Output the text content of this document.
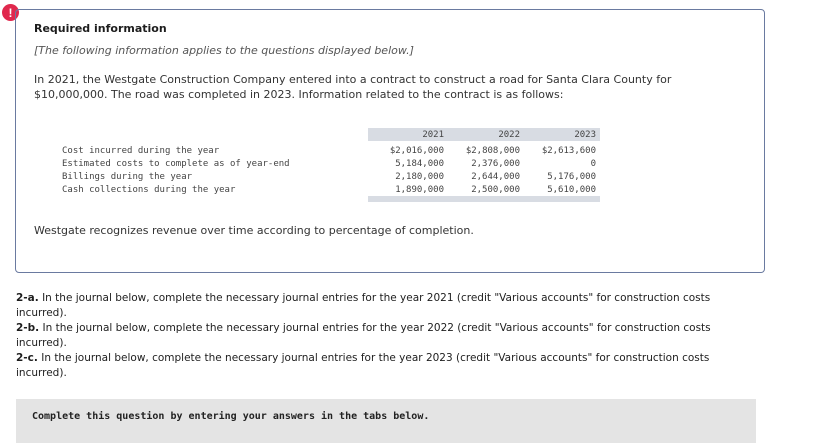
!
Required information
[The following information applies to the questions displayed below.]
In 2021, the Westgate Construction Company entered into a contract to construct a road for Santa Clara County for $10,000,000. The road was completed in 2023. Information related to the contract is as follows:
	2021	2022	2023	
Cost incurred during the year	$2,016,000	$2,808,000	$2,613,600	
Estimated costs to complete as of year-end	5,184,000	2,376,000	0	
Billings during the year	2,180,000	2,644,000	5,176,000	
Cash collections during the year	1,890,000	2,500,000	5,610,000	

Westgate recognizes revenue over time according to percentage of completion.

2-a. In the journal below, complete the necessary journal entries for the year 2021 (credit "Various accounts" for construction costs incurred).

2-b. In the journal below, complete the necessary journal entries for the year 2022 (credit "Various accounts" for construction costs incurred).

2-c. In the journal below, complete the necessary journal entries for the year 2023 (credit "Various accounts" for construction costs incurred).

Complete this question by entering your answers in the tabs below.
